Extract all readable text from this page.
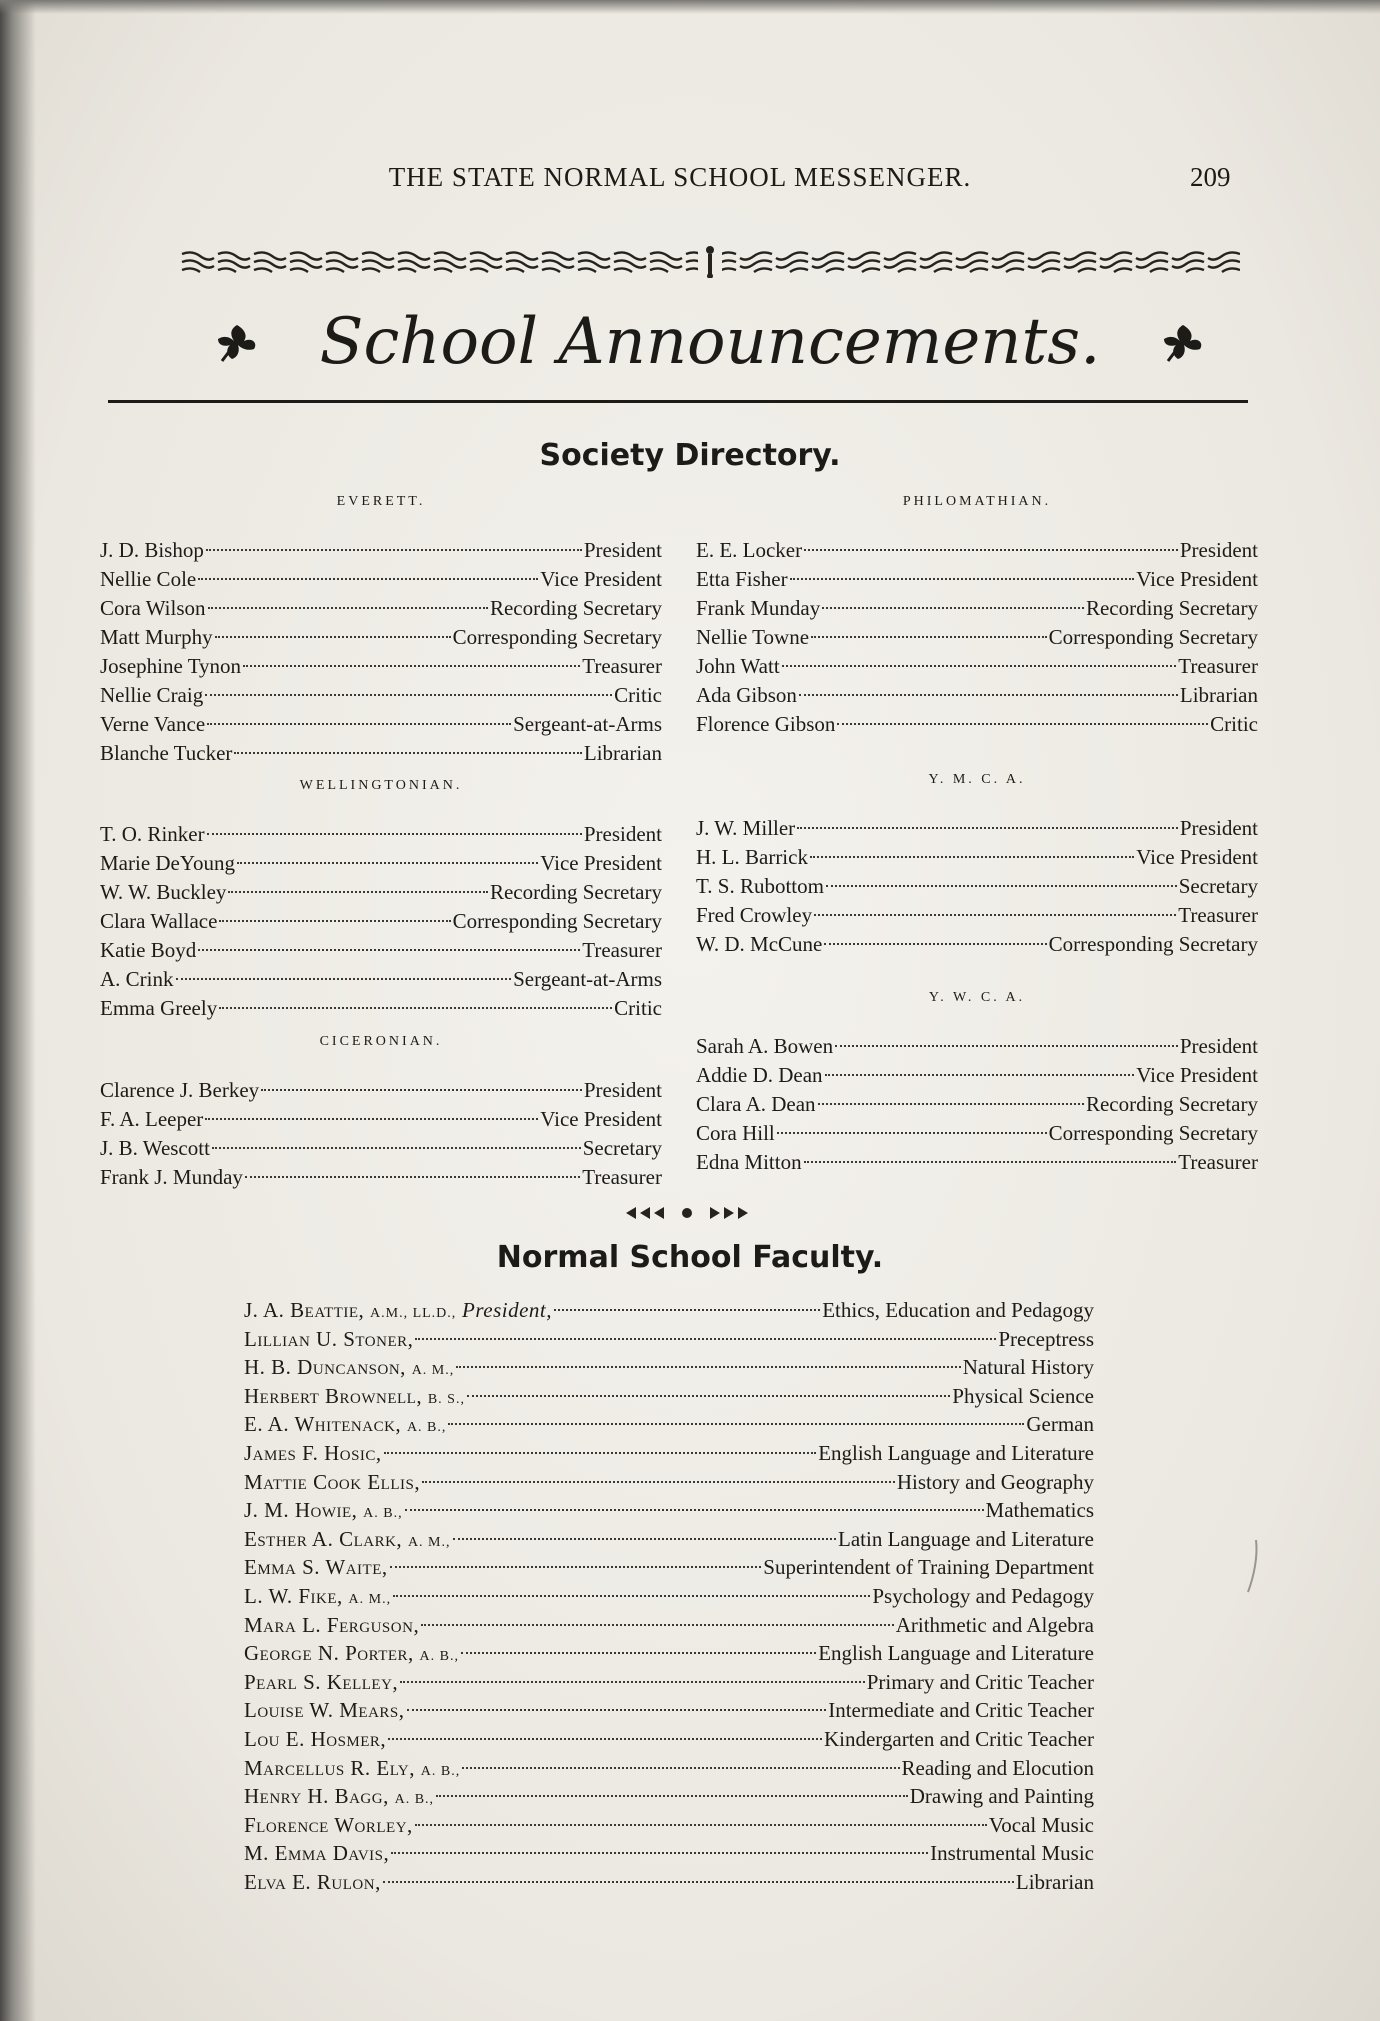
THE STATE NORMAL SCHOOL MESSENGER.	209
School Announcements.
Society Directory.
EVERETT.
J. D. Bishop	President
Nellie Cole	Vice President
Cora Wilson	Recording Secretary
Matt Murphy	Corresponding Secretary
Josephine Tynon	Treasurer
Nellie Craig	Critic
Verne Vance	Sergeant-at-Arms
Blanche Tucker	Librarian
PHILOMATHIAN.
E. E. Locker	President
Etta Fisher	Vice President
Frank Munday	Recording Secretary
Nellie Towne	Corresponding Secretary
John Watt	Treasurer
Ada Gibson	Librarian
Florence Gibson	Critic
WELLINGTONIAN.
T. O. Rinker	President
Marie DeYoung	Vice President
W. W. Buckley	Recording Secretary
Clara Wallace	Corresponding Secretary
Katie Boyd	Treasurer
A. Crink	Sergeant-at-Arms
Emma Greely	Critic
Y. M. C. A.
J. W. Miller	President
H. L. Barrick	Vice President
T. S. Rubottom	Secretary
Fred Crowley	Treasurer
W. D. McCune	Corresponding Secretary
CICERONIAN.
Clarence J. Berkey	President
F. A. Leeper	Vice President
J. B. Wescott	Secretary
Frank J. Munday	Treasurer
Y. W. C. A.
Sarah A. Bowen	President
Addie D. Dean	Vice President
Clara A. Dean	Recording Secretary
Cora Hill	Corresponding Secretary
Edna Mitton	Treasurer
Normal School Faculty.
J. A. Beattie, A.M., LL.D., President,	Ethics, Education and Pedagogy
Lillian U. Stoner,	Preceptress
H. B. Duncanson, A. M.,	Natural History
Herbert Brownell, B. S.,	Physical Science
E. A. Whitenack, A. B.,	German
James F. Hosic,	English Language and Literature
Mattie Cook Ellis,	History and Geography
J. M. Howie, A. B.,	Mathematics
Esther A. Clark, A. M.,	Latin Language and Literature
Emma S. Waite,	Superintendent of Training Department
L. W. Fike, A. M.,	Psychology and Pedagogy
Mara L. Ferguson,	Arithmetic and Algebra
George N. Porter, A. B.,	English Language and Literature
Pearl S. Kelley,	Primary and Critic Teacher
Louise W. Mears,	Intermediate and Critic Teacher
Lou E. Hosmer,	Kindergarten and Critic Teacher
Marcellus R. Ely, A. B.,	Reading and Elocution
Henry H. Bagg, A. B.,	Drawing and Painting
Florence Worley,	Vocal Music
M. Emma Davis,	Instrumental Music
Elva E. Rulon,	Librarian
